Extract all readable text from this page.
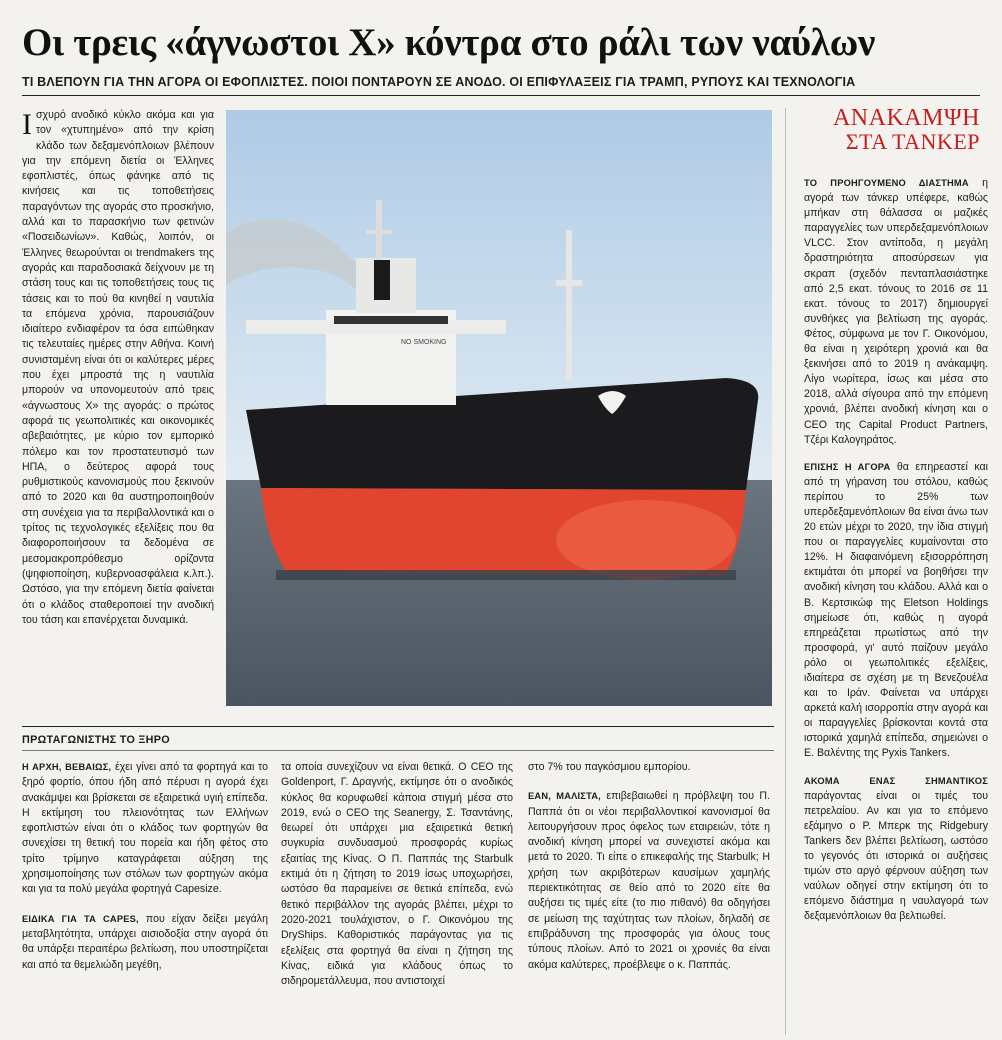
Οι τρεις «άγνωστοι Χ» κόντρα στο ράλι των ναύλων
ΤΙ ΒΛΕΠΟΥΝ ΓΙΑ ΤΗΝ ΑΓΟΡΑ ΟΙ ΕΦΟΠΛΙΣΤΕΣ. ΠΟΙΟΙ ΠΟΝΤΑΡΟΥΝ ΣΕ ΑΝΟΔΟ. ΟΙ ΕΠΙΦΥΛΑΞΕΙΣ ΓΙΑ ΤΡΑΜΠ, ΡΥΠΟΥΣ ΚΑΙ ΤΕΧΝΟΛΟΓΙΑ
Ισχυρό ανοδικό κύκλο ακόμα και για τον «χτυπημένο» από την κρίση κλάδο των δεξαμενόπλοιων βλέπουν για την επόμενη διετία οι Έλληνες εφοπλιστές, όπως φάνηκε από τις κινήσεις και τις τοποθετήσεις παραγόντων της αγοράς στο προσκήνιο, αλλά και το παρασκήνιο των φετινών «Ποσειδωνίων». Καθώς, λοιπόν, οι Έλληνες θεωρούνται οι trendmakers της αγοράς και παραδοσιακά δείχνουν με τη στάση τους και τις τοποθετήσεις τους τις τάσεις και το πού θα κινηθεί η ναυτιλία τα επόμενα χρόνια, παρουσιάζουν ιδιαίτερο ενδιαφέρον τα όσα ειπώθηκαν τις τελευταίες ημέρες στην Αθήνα. Κοινή συνισταμένη είναι ότι οι καλύτερες μέρες που έχει μπροστά της η ναυτιλία μπορούν να υπονομευτούν από τρεις «άγνωστους Χ» της αγοράς: ο πρώτος αφορά τις γεωπολιτικές και οικονομικές αβεβαιότητες, με κύριο τον εμπορικό πόλεμο και τον προστατευτισμό των ΗΠΑ, ο δεύτερος αφορά τους ρυθμιστικούς κανονισμούς που ξεκινούν από το 2020 και θα αυστηροποιηθούν στη συνέχεια για τα περιβαλλοντικά και ο τρίτος τις τεχνολογικές εξελίξεις που θα διαφοροποιήσουν τα δεδομένα σε μεσομακροπρόθεσμο ορίζοντα (ψηφιοποίηση, κυβερνοασφάλεια κ.λπ.). Ωστόσο, για την επόμενη διετία φαίνεται ότι ο κλάδος σταθεροποιεί την ανοδική του τάση και επανέρχεται δυναμικά.
NO SMOKING
ΑΝΑΚΑΜΨΗ
ΣΤΑ ΤΑΝΚΕΡ

ΤΟ ΠΡΟΗΓΟΥΜΕΝΟ ΔΙΑΣΤΗΜΑ η αγορά των τάνκερ υπέφερε, καθώς μπήκαν στη θάλασσα οι μαζικές παραγγελίες των υπερδεξαμενόπλοιων VLCC. Στον αντίποδα, η μεγάλη δραστηριότητα αποσύρσεων για σκραπ (σχεδόν πενταπλασιάστηκε από 2,5 εκατ. τόνους το 2016 σε 11 εκατ. τόνους το 2017) δημιουργεί συνθήκες για βελτίωση της αγοράς. Φέτος, σύμφωνα με τον Γ. Οικονόμου, θα είναι η χειρότερη χρονιά και θα ξεκινήσει από το 2019 η ανάκαμψη. Λίγο νωρίτερα, ίσως και μέσα στο 2018, αλλά σίγουρα από την επόμενη χρονιά, βλέπει ανοδική κίνηση και ο CEO της Capital Product Partners, Τζέρι Καλογηράτος.

ΕΠΙΣΗΣ Η ΑΓΟΡΑ θα επηρεαστεί και από τη γήρανση του στόλου, καθώς περίπου το 25% των υπερδεξαμενόπλοιων θα είναι άνω των 20 ετών μέχρι το 2020, την ίδια στιγμή που οι παραγγελίες κυμαίνονται στο 12%. Η διαφαινόμενη εξισορρόπηση εκτιμάται ότι μπορεί να βοηθήσει την ανοδική κίνηση του κλάδου. Αλλά και ο Β. Κερτσικώφ της Eletson Holdings σημείωσε ότι, καθώς η αγορά επηρεάζεται πρωτίστως από την προσφορά, γι' αυτό παίζουν μεγάλο ρόλο οι γεωπολιτικές εξελίξεις, ιδιαίτερα σε σχέση με τη Βενεζουέλα και το Ιράν. Φαίνεται να υπάρχει αρκετά καλή ισορροπία στην αγορά και οι παραγγελίες βρίσκονται κοντά στα ιστορικά χαμηλά επίπεδα, σημειώνει ο Ε. Βαλέντης της Pyxis Tankers.

ΑΚΟΜΑ ΕΝΑΣ ΣΗΜΑΝΤΙΚΟΣ παράγοντας είναι οι τιμές του πετρελαίου. Αν και για το επόμενο εξάμηνο ο Ρ. Μπερκ της Ridgebury Tankers δεν βλέπει βελτίωση, ωστόσο το γεγονός ότι ιστορικά οι αυξήσεις τιμών στο αργό φέρνουν αύξηση των ναύλων οδηγεί στην εκτίμηση ότι το επόμενο διάστημα η ναυλαγορά των δεξαμενόπλοιων θα βελτιωθεί.

ΠΡΩΤΑΓΩΝΙΣΤΗΣ ΤΟ ΞΗΡΟ

Η ΑΡΧΗ, ΒΕΒΑΙΩΣ, έχει γίνει από τα φορτηγά και το ξηρό φορτίο, όπου ήδη από πέρυσι η αγορά έχει ανακάμψει και βρίσκεται σε εξαιρετικά υγιή επίπεδα. Η εκτίμηση του πλειονότητας των Ελλήνων εφοπλιστών είναι ότι ο κλάδος των φορτηγών θα συνεχίσει τη θετική του πορεία και ήδη φέτος στο τρίτο τρίμηνο καταγράφεται αύξηση της χρησιμοποίησης των στόλων των φορτηγών ακόμα και για τα πολύ μεγάλα φορτηγά Capesize.

ΕΙΔΙΚΑ ΓΙΑ ΤΑ CAPES, που είχαν δείξει μεγάλη μεταβλητότητα, υπάρχει αισιοδοξία στην αγορά ότι θα υπάρξει περαιτέρω βελτίωση, που υποστηρίζεται και από τα θεμελιώδη μεγέθη,

τα οποία συνεχίζουν να είναι θετικά. Ο CEO της Goldenport, Γ. Δραγνής, εκτίμησε ότι ο ανοδικός κύκλος θα κορυφωθεί κάποια στιγμή μέσα στο 2019, ενώ ο CEO της Seanergy, Σ. Τσαντάνης, θεωρεί ότι υπάρχει μια εξαιρετικά θετική συγκυρία συνδυασμού προσφοράς κυρίως εξαιτίας της Κίνας. Ο Π. Παππάς της Starbulk εκτιμά ότι η ζήτηση το 2019 ίσως υποχωρήσει, ωστόσο θα παραμείνει σε θετικά επίπεδα, ενώ θετικό περιβάλλον της αγοράς βλέπει, μέχρι το 2020-2021 τουλάχιστον, ο Γ. Οικονόμου της DryShips. Καθοριστικός παράγοντας για τις εξελίξεις στα φορτηγά θα είναι η ζήτηση της Κίνας, ειδικά για κλάδους όπως το σιδηρομετάλλευμα, που αντιστοιχεί

στο 7% του παγκόσμιου εμπορίου.

ΕΑΝ, ΜΑΛΙΣΤΑ, επιβεβαιωθεί η πρόβλεψη του Π. Παππά ότι οι νέοι περιβαλλοντικοί κανονισμοί θα λειτουργήσουν προς όφελος των εταιρειών, τότε η ανοδική κίνηση μπορεί να συνεχιστεί ακόμα και μετά το 2020. Τι είπε ο επικεφαλής της Starbulk; Η χρήση των ακριβότερων καυσίμων χαμηλής περιεκτικότητας σε θείο από το 2020 είτε θα αυξήσει τις τιμές είτε (το πιο πιθανό) θα οδηγήσει σε μείωση της ταχύτητας των πλοίων, δηλαδή σε επιβράδυνση της προσφοράς για όλους τους τύπους πλοίων. Από το 2021 οι χρονιές θα είναι ακόμα καλύτερες, προέβλεψε ο κ. Παππάς.
